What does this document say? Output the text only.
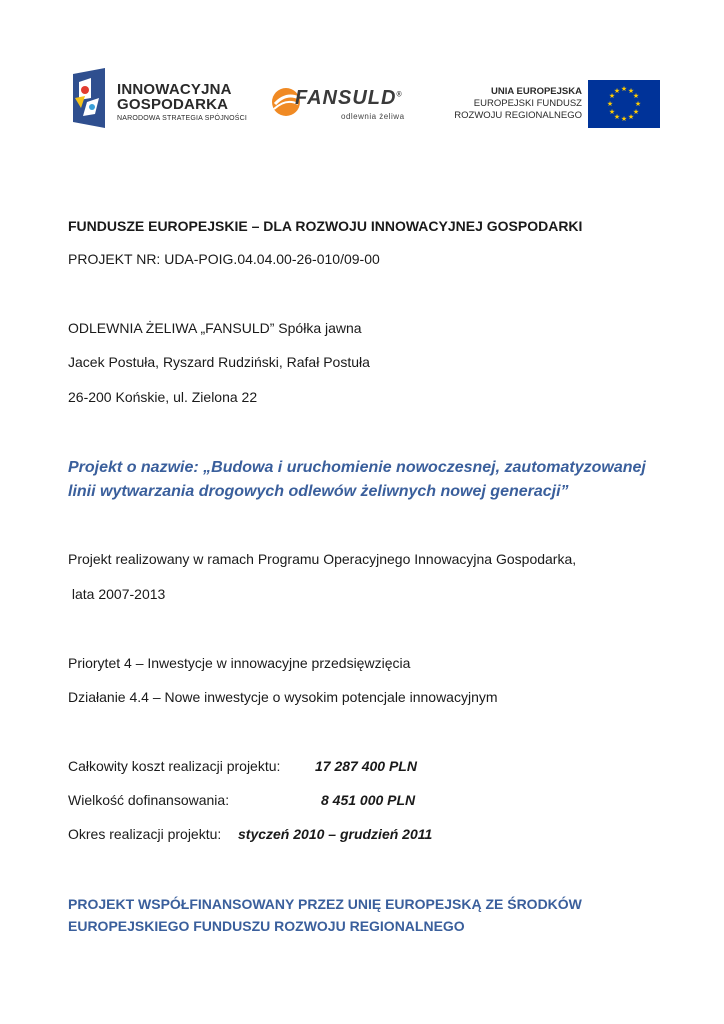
INNOWACYJNA
GOSPODARKA
NARODOWA STRATEGIA SPÓJNOŚCI
FANSULD®
odlewnia żeliwa
UNIA EUROPEJSKA
EUROPEJSKI FUNDUSZ
ROZWOJU REGIONALNEGO
★ ★
★
★
★
★
★
★
★
★
★
★
FUNDUSZE EUROPEJSKIE – DLA ROZWOJU INNOWACYJNEJ GOSPODARKI
PROJEKT NR: UDA-POIG.04.04.00-26-010/09-00
ODLEWNIA ŻELIWA „FANSULD” Spółka jawna
Jacek Postuła, Ryszard Rudziński, Rafał Postuła
26-200 Końskie, ul. Zielona 22
Projekt o nazwie: „Budowa i uruchomienie nowoczesnej, zautomatyzowanej linii wytwarzania drogowych odlewów żeliwnych nowej generacji”
Projekt realizowany w ramach Programu Operacyjnego Innowacyjna Gospodarka,
lata 2007-2013
Priorytet 4 – Inwestycje w innowacyjne przedsięwzięcia
Działanie 4.4 – Nowe inwestycje o wysokim potencjale innowacyjnym
Całkowity koszt realizacji projektu: 17 287 400 PLN
Wielkość dofinansowania:	8 451 000 PLN
Okres realizacji projektu: styczeń 2010 – grudzień 2011
PROJEKT WSPÓŁFINANSOWANY PRZEZ UNIĘ EUROPEJSKĄ ZE ŚRODKÓW EUROPEJSKIEGO FUNDUSZU ROZWOJU REGIONALNEGO
